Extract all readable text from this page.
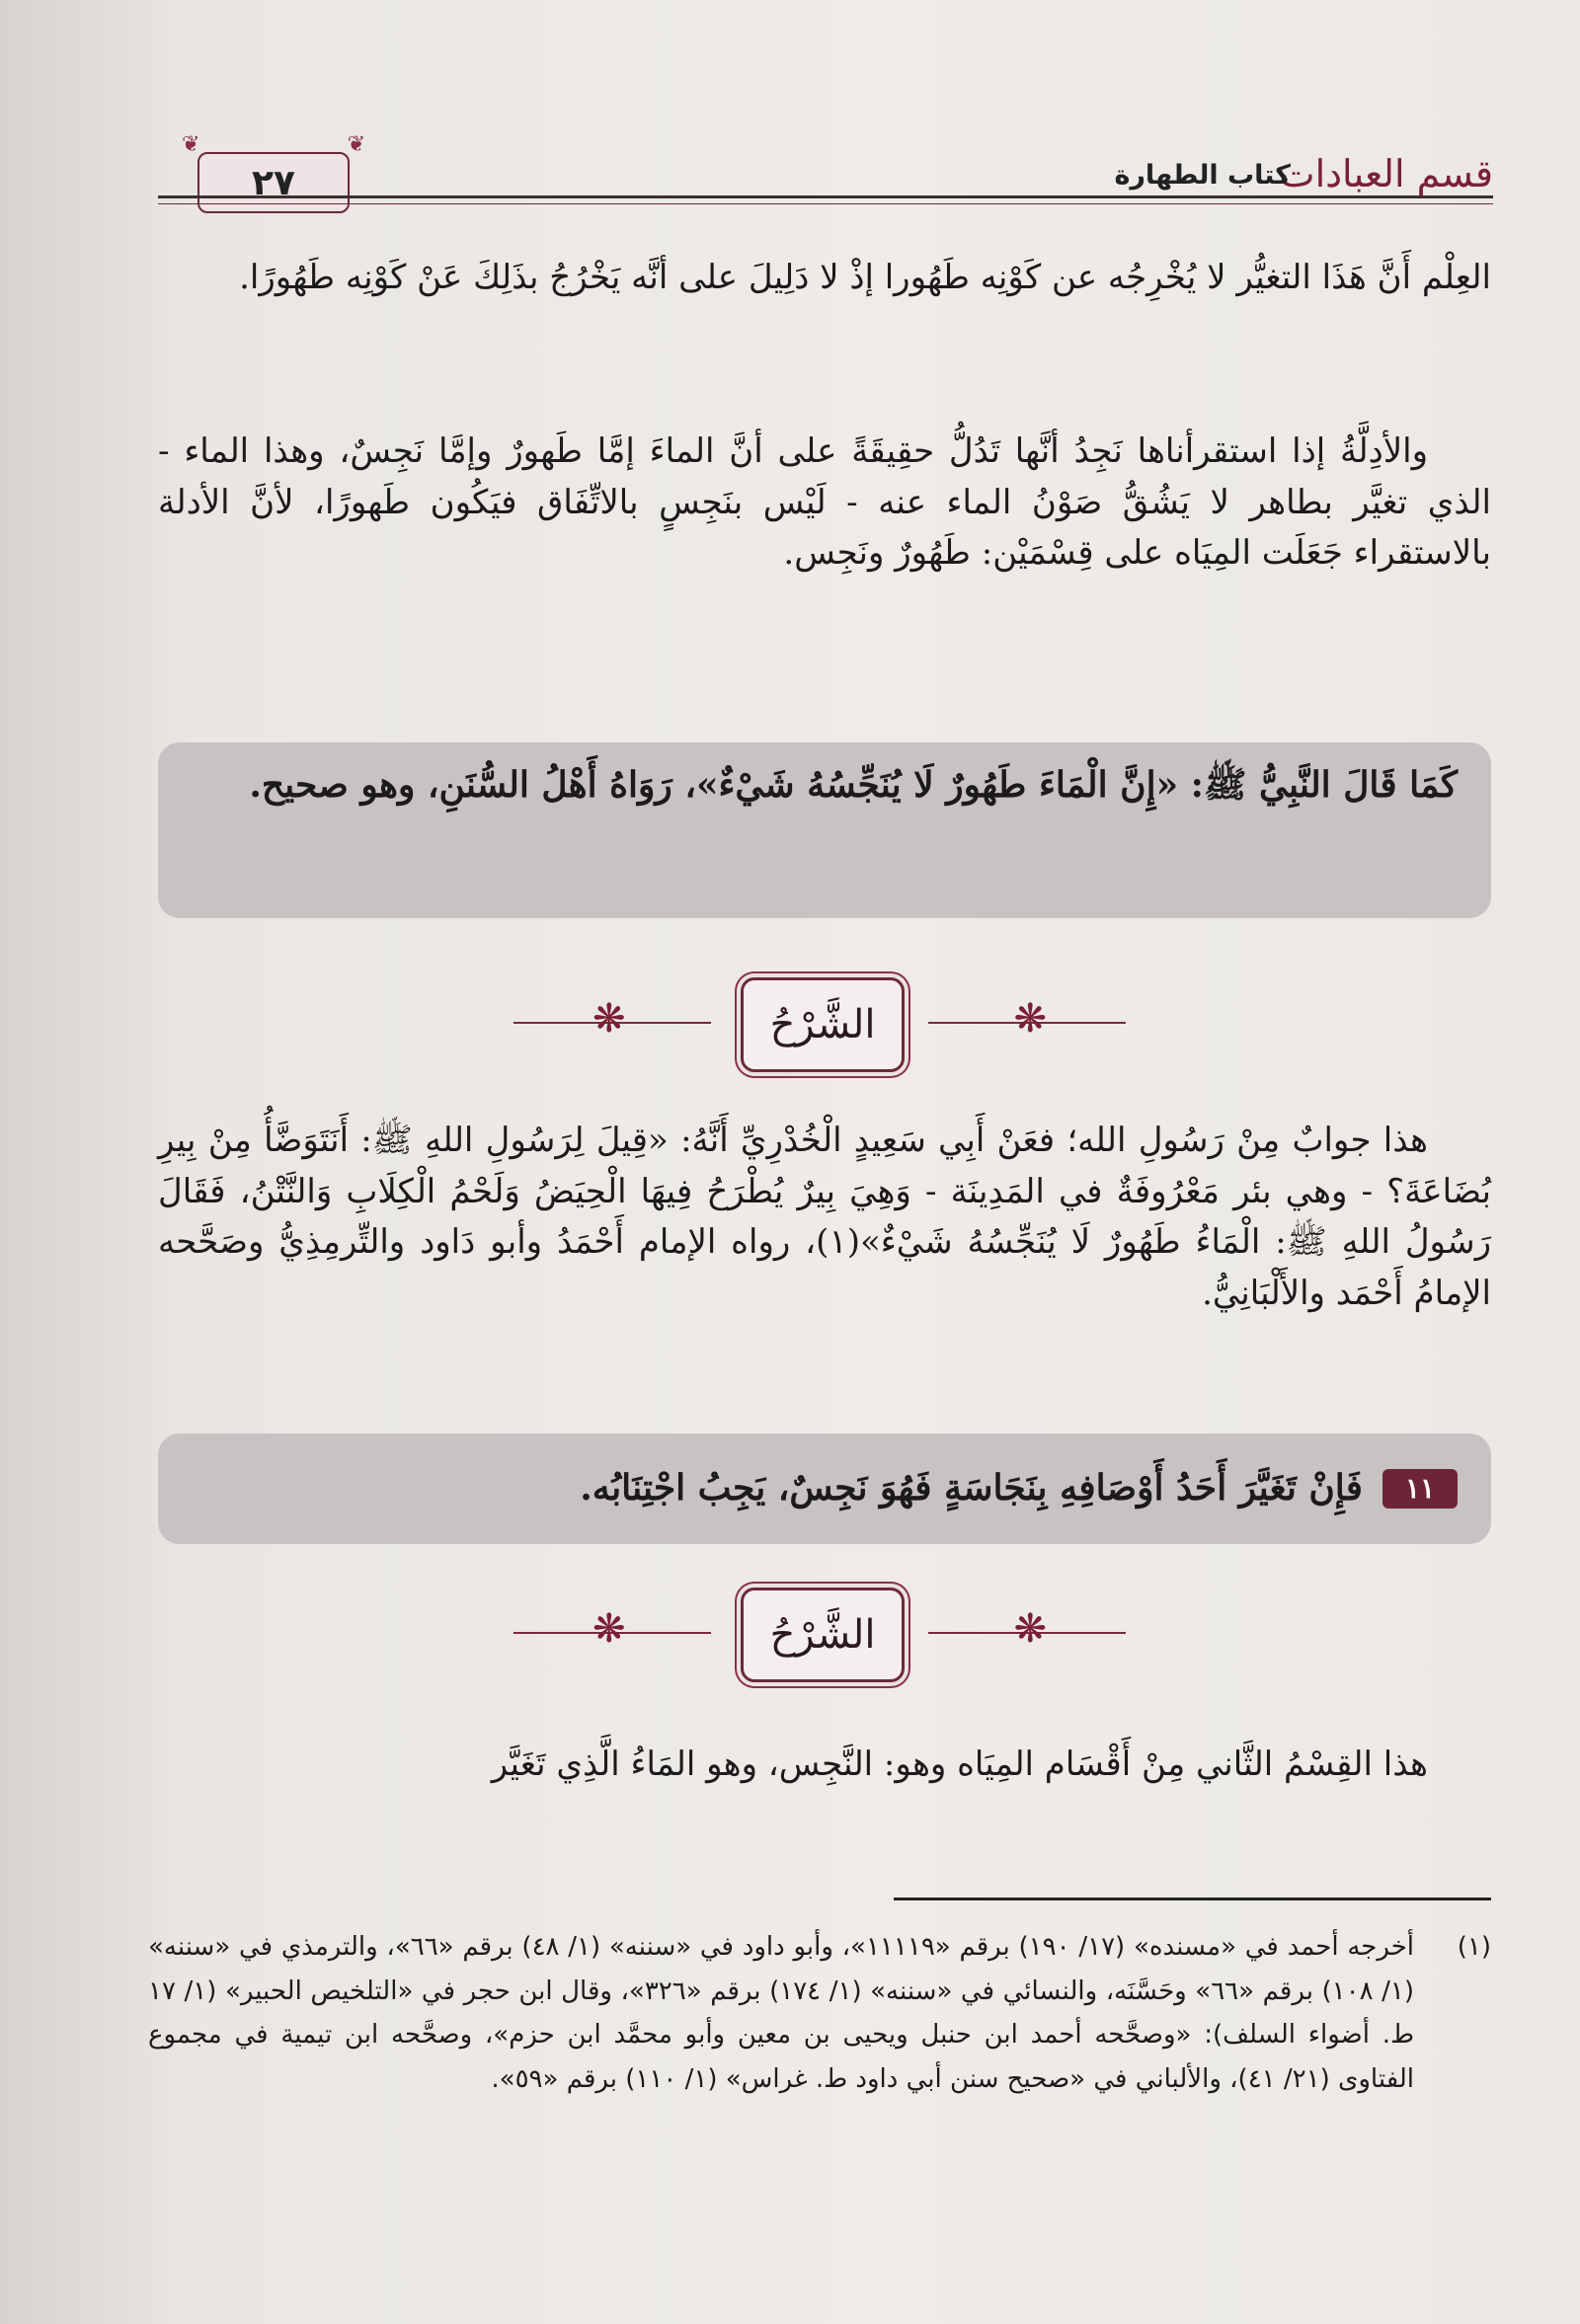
قسم العبادات
كتاب الطهارة
❦ ٢٧ ❦
العِلْم أَنَّ هَذَا التغيُّر لا يُخْرِجُه عن كَوْنِه طَهُورا إذْ لا دَلِيلَ على أنَّه يَخْرُجُ بذَلِكَ عَنْ كَوْنِه طَهُورًا.
والأدِلَّةُ إذا استقرأناها نَجِدُ أنَّها تَدُلُّ حقِيقَةً على أنَّ الماءَ إمَّا طَهورٌ وإمَّا نَجِسٌ، وهذا الماء - الذي تغيَّر بطاهر لا يَشُقُّ صَوْنُ الماء عنه - لَيْس بنَجِسٍ بالاتِّفَاق فيَكُون طَهورًا، لأنَّ الأدلة بالاستقراء جَعَلَت المِيَاه على قِسْمَيْن: طَهُورٌ ونَجِس.
كَمَا قَالَ النَّبِيُّ ﷺ: «إِنَّ الْمَاءَ طَهُورٌ لَا يُنَجِّسُهُ شَيْءٌ»، رَوَاهُ أَهْلُ السُّنَنِ، وهو صحيح.
❋	❋
الشَّرْحُ
هذا جوابٌ مِنْ رَسُولِ الله؛ فعَنْ أَبِي سَعِيدٍ الْخُدْرِيِّ أَنَّهُ: «قِيلَ لِرَسُولِ اللهِ ﷺ: أَنَتَوَضَّأُ مِنْ بِيرِ بُضَاعَةَ؟ - وهي بئر مَعْرُوفَةٌ في المَدِينَة - وَهِيَ بِيرٌ يُطْرَحُ فِيهَا الْحِيَضُ وَلَحْمُ الْكِلَابِ وَالنَّتْنُ، فَقَالَ رَسُولُ اللهِ ﷺ: الْمَاءُ طَهُورٌ لَا يُنَجِّسُهُ شَيْءٌ»(١)، رواه الإمام أَحْمَدُ وأبو دَاود والتِّرمِذِيُّ وصَحَّحه الإمامُ أَحْمَد والأَلْبَانِيُّ.
١١
فَإِنْ تَغَيَّرَ أَحَدُ أَوْصَافِهِ بِنَجَاسَةٍ فَهُوَ نَجِسٌ، يَجِبُ اجْتِنَابُه.
❋	❋
الشَّرْحُ
هذا القِسْمُ الثَّاني مِنْ أَقْسَام المِيَاه وهو: النَّجِس، وهو المَاءُ الَّذِي تَغَيَّر
(١)
أخرجه أحمد في «مسنده» (١٧/ ١٩٠) برقم «١١١١٩»، وأبو داود في «سننه» (١/ ٤٨) برقم «٦٦»، والترمذي في «سننه» (١/ ١٠٨) برقم «٦٦» وحَسَّنَه، والنسائي في «سننه» (١/ ١٧٤) برقم «٣٢٦»، وقال ابن حجر في «التلخيص الحبير» (١/ ١٧ ط. أضواء السلف): «وصحَّحه أحمد ابن حنبل ويحيى بن معين وأبو محمَّد ابن حزم»، وصحَّحه ابن تيمية في مجموع الفتاوى (٢١/ ٤١)، والألباني في «صحيح سنن أبي داود ط. غراس» (١/ ١١٠) برقم «٥٩».
